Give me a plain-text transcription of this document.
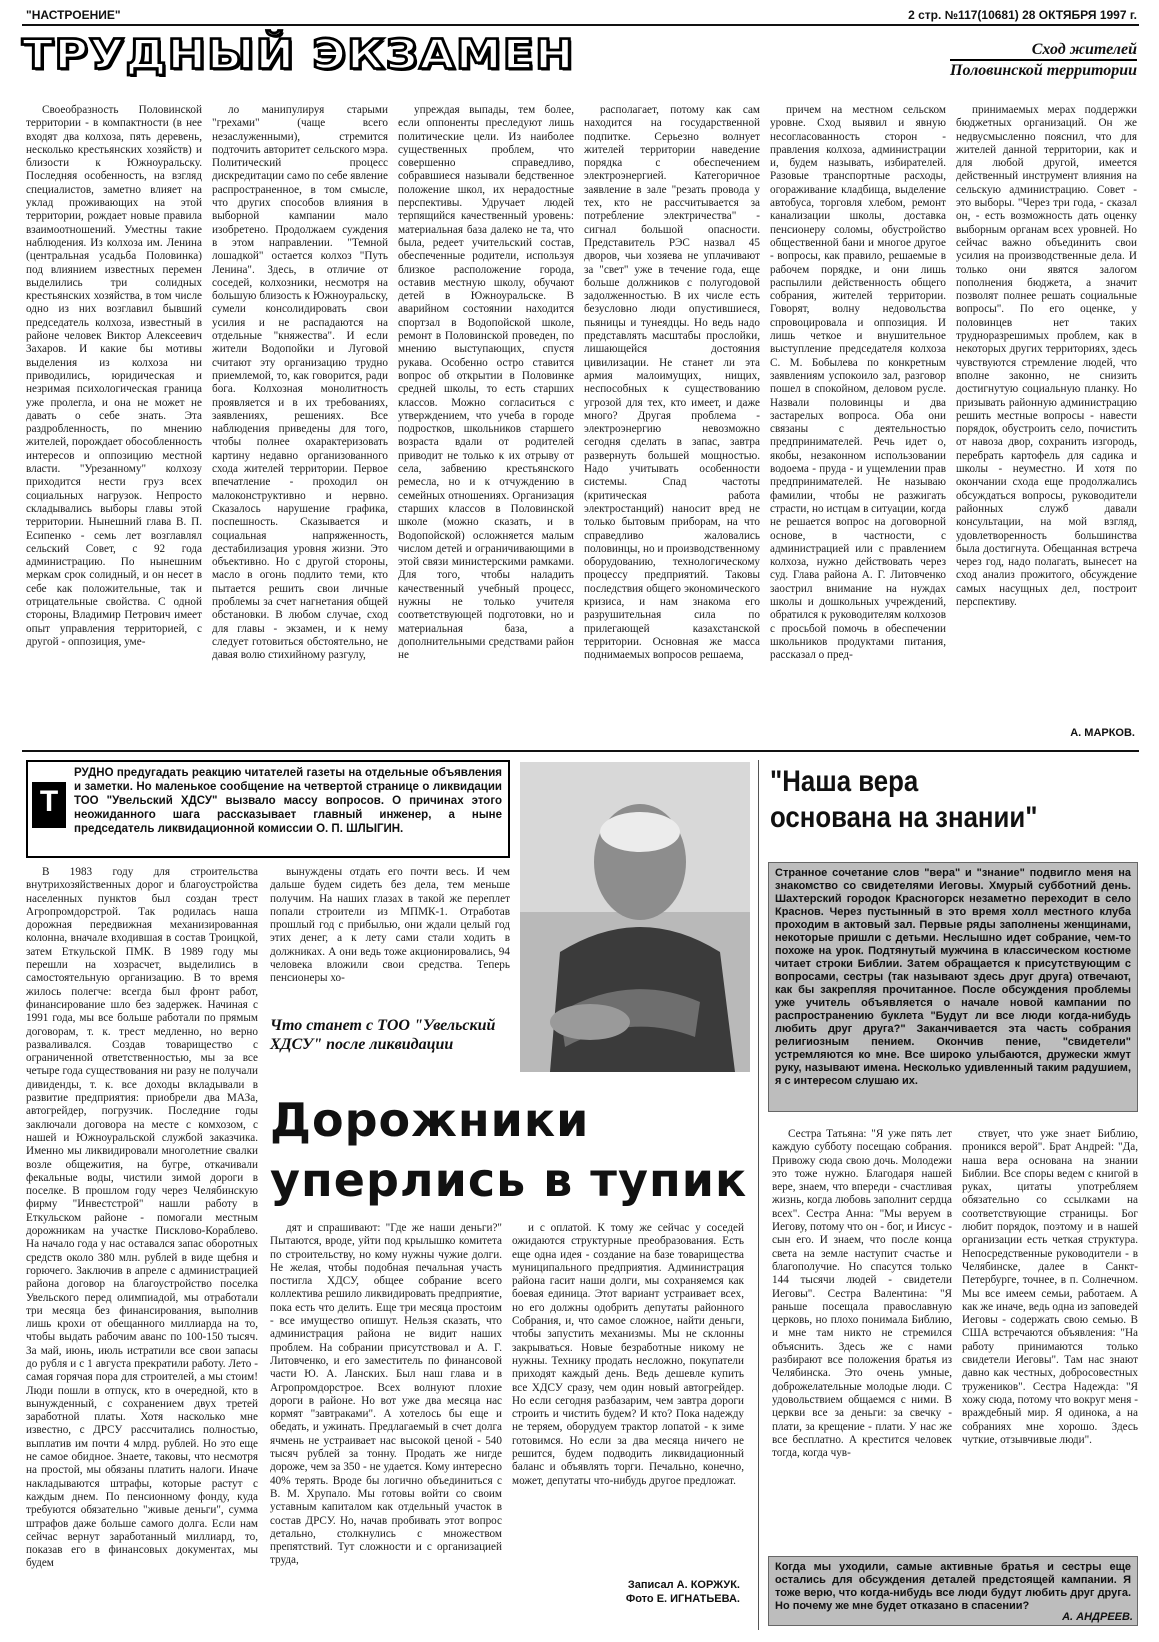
"НАСТРОЕНИЕ"	2 стр. №117(10681) 28 ОКТЯБРЯ 1997 г.
ТРУДНЫЙ ЭКЗАМЕН	Сход жителей
Половинской территории

Своеобразность Половинской территории - в компактности (в нее входят два колхоза, пять деревень, несколько крестьянских хозяйств) и близости к Южноуральску. Последняя особенность, на взгляд специалистов, заметно влияет на уклад проживающих на этой территории, рождает новые правила взаимоотношений. Уместны такие наблюдения. Из колхоза им. Ленина (центральная усадьба Половинка) под влиянием известных перемен выделились три солидных крестьянских хозяйства, в том числе одно из них возглавил бывший председатель колхоза, известный в районе человек Виктор Алексеевич Захаров. И какие бы мотивы выделения из колхоза ни приводились, юридическая и незримая психологическая граница уже пролегла, и она не может не давать о себе знать. Эта раздробленность, по мнению жителей, порождает обособленность интересов и оппозицию местной власти. "Урезанному" колхозу приходится нести груз всех социальных нагрузок. Непросто складывались выборы главы этой территории. Нынешний глава В. П. Есипенко - семь лет возглавлял сельский Совет, с 92 года администрацию. По нынешним меркам срок солидный, и он несет в себе как положительные, так и отрицательные свойства. С одной стороны, Владимир Петрович имеет опыт управления территорией, с другой - оппозиция, уме-

ло манипулируя старыми "грехами" (чаще всего незаслуженными), стремится подточить авторитет сельского мэра. Политический процесс дискредитации само по себе явление распространенное, в том смысле, что других способов влияния в выборной кампании мало изобретено. Продолжаем суждения в этом направлении. "Темной лошадкой" остается колхоз "Путь Ленина". Здесь, в отличие от соседей, колхозники, несмотря на большую близость к Южноуральску, сумели консолидировать свои усилия и не распадаются на отдельные "княжества". И если жители Водопойки и Луговой считают эту организацию трудно приемлемой, то, как говорится, ради бога. Колхозная монолитность проявляется и в их требованиях, заявлениях, решениях. Все наблюдения приведены для того, чтобы полнее охарактеризовать картину недавно организованного схода жителей территории. Первое впечатление - проходил он малоконструктивно и нервно. Сказалось нарушение графика, поспешность. Сказывается и социальная напряженность, дестабилизация уровня жизни. Это объективно. Но с другой стороны, масло в огонь подлито теми, кто пытается решить свои личные проблемы за счет нагнетания общей обстановки. В любом случае, сход для главы - экзамен, и к нему следует готовиться обстоятельно, не давая волю стихийному разгулу,

упреждая выпады, тем более, если оппоненты преследуют лишь политические цели. Из наиболее существенных проблем, что совершенно справедливо, собравшиеся называли бедственное положение школ, их нерадостные перспективы. Удручает людей терпящийся качественный уровень: материальная база далеко не та, что была, редеет учительский состав, обеспеченные родители, используя близкое расположение города, оставив местную школу, обучают детей в Южноуральске. В аварийном состоянии находится спортзал в Водопойской школе, ремонт в Половинской проведен, по мнению выступающих, спустя рукава. Особенно остро ставится вопрос об открытии в Половинке средней школы, то есть старших классов. Можно согласиться с утверждением, что учеба в городе подростков, школьников старшего возраста вдали от родителей приводит не только к их отрыву от села, забвению крестьянского ремесла, но и к отчуждению в семейных отношениях. Организация старших классов в Половинской школе (можно сказать, и в Водопойской) осложняется малым числом детей и ограничивающими в этой связи министерскими рамками. Для того, чтобы наладить качественный учебный процесс, нужны не только учителя соответствующей подготовки, но и материальная база, а дополнительными средствами район не

располагает, потому как сам находится на государственной подпитке. Серьезно волнует жителей территории наведение порядка с обеспечением электроэнергией. Категоричное заявление в зале "резать провода у тех, кто не рассчитывается за потребление электричества" - сигнал большой опасности. Представитель РЭС назвал 45 дворов, чьи хозяева не уплачивают за "свет" уже в течение года, еще больше должников с полугодовой задолженностью. В их числе есть безусловно люди опустившиеся, пьяницы и тунеядцы. Но ведь надо представлять масштабы прослойки, лишающейся достояния цивилизации. Не станет ли эта армия малоимущих, нищих, неспособных к существованию угрозой для тех, кто имеет, и даже много? Другая проблема - электроэнергию невозможно сегодня сделать в запас, завтра развернуть большей мощностью. Надо учитывать особенности системы. Спад частоты (критическая работа электростанций) наносит вред не только бытовым приборам, на что справедливо жаловались половинцы, но и производственному оборудованию, технологическому процессу предприятий. Таковы последствия общего экономического кризиса, и нам знакома его разрушительная сила по прилегающей казахстанской территории. Основная же масса поднимаемых вопросов решаема,

причем на местном сельском уровне. Сход выявил и явную несогласованность сторон - правления колхоза, администрации и, будем называть, избирателей. Разовые транспортные расходы, огораживание кладбища, выделение автобуса, торговля хлебом, ремонт канализации школы, доставка пенсионеру соломы, обустройство общественной бани и многое другое - вопросы, как правило, решаемые в рабочем порядке, и они лишь распылили действенность общего собрания, жителей территории. Говорят, волну недовольства спровоцировала и оппозиция. И лишь четкое и внушительное выступление председателя колхоза С. М. Бобылева по конкретным заявлениям успокоило зал, разговор пошел в спокойном, деловом русле. Назвали половинцы и два застарелых вопроса. Оба они связаны с деятельностью предпринимателей. Речь идет о, якобы, незаконном использовании водоема - пруда - и ущемлении прав предпринимателей. Не называю фамилии, чтобы не разжигать страсти, но истцам в ситуации, когда не решается вопрос на договорной основе, в частности, с администрацией или с правлением колхоза, нужно действовать через суд. Глава района А. Г. Литовченко заострил внимание на нуждах школы и дошкольных учреждений, обратился к руководителям колхозов с просьбой помочь в обеспечении школьников продуктами питания, рассказал о пред-

принимаемых мерах поддержки бюджетных организаций. Он же недвусмысленно пояснил, что для жителей данной территории, как и для любой другой, имеется действенный инструмент влияния на сельскую администрацию. Совет - это выборы. "Через три года, - сказал он, - есть возможность дать оценку выборным органам всех уровней. Но сейчас важно объединить свои усилия на производственные дела. И только они явятся залогом пополнения бюджета, а значит позволят полнее решать социальные вопросы". По его оценке, у половинцев нет таких трудноразрешимых проблем, как в некоторых других территориях, здесь чувствуются стремление людей, что вполне законно, не снизить достигнутую социальную планку. Но призывать районную администрацию решить местные вопросы - навести порядок, обустроить село, почистить от навоза двор, сохранить изгородь, перебрать картофель для садика и школы - неуместно. И хотя по окончании схода еще продолжались обсуждаться вопросы, руководители районных служб давали консультации, на мой взгляд, удовлетворенность большинства была достигнута. Обещанная встреча через год, надо полагать, вынесет на сход анализ прожитого, обсуждение самых насущных дел, построит перспективу.

А. МАРКОВ.
Т
РУДНО предугадать реакцию читателей газеты на отдельные объявления и заметки. Но маленькое сообщение на четвертой странице о ликвидации ТОО "Увельский ХДСУ" вызвало массу вопросов. О причинах этого неожиданного шага рассказывает главный инженер, а ныне председатель ликвидационной комиссии О. П. ШЛЫГИН.
Что станет с ТОО "Увельский ХДСУ" после ликвидации
Дорожники
уперлись в тупик

В 1983 году для строительства внутрихозяйственных дорог и благоустройства населенных пунктов был создан трест Агропромдорстрой. Так родилась наша дорожная передвижная механизированная колонна, вначале входившая в состав Троицкой, затем Еткульской ПМК. В 1989 году мы перешли на хозрасчет, выделились в самостоятельную организацию. В то время жилось полегче: всегда был фронт работ, финансирование шло без задержек. Начиная с 1991 года, мы все больше работали по прямым договорам, т. к. трест медленно, но верно разваливался. Создав товарищество с ограниченной ответственностью, мы за все четыре года существования ни разу не получали дивиденды, т. к. все доходы вкладывали в развитие предприятия: приобрели два МАЗа, автогрейдер, погрузчик. Последние годы заключали договора на месте с комхозом, с нашей и Южноуральской службой заказчика. Именно мы ликвидировали многолетние свалки возле общежития, на бугре, откачивали фекальные воды, чистили зимой дороги в поселке. В прошлом году через Челябинскую фирму "Инвестстрой" нашли работу в Еткульском районе - помогали местным дорожникам на участке Писклово-Кораблево. На начало года у нас оставался запас оборотных средств около 380 млн. рублей в виде щебня и горючего. Заключив в апреле с администрацией района договор на благоустройство поселка Увельского перед олимпиадой, мы отработали три месяца без финансирования, выполнив лишь крохи от обещанного миллиарда на то, чтобы выдать рабочим аванс по 100-150 тысяч. За май, июнь, июль истратили все свои запасы до рубля и с 1 августа прекратили работу. Лето - самая горячая пора для строителей, а мы стоим! Люди пошли в отпуск, кто в очередной, кто в вынужденный, с сохранением двух третей заработной платы. Хотя насколько мне известно, с ДРСУ рассчитались полностью, выплатив им почти 4 млрд. рублей. Но это еще не самое обидное. Знаете, таковы, что несмотря на простой, мы обязаны платить налоги. Иначе накладываются штрафы, которые растут с каждым днем. По пенсионному фонду, куда требуются обязательно "живые деньги", сумма штрафов даже больше самого долга. Если нам сейчас вернут заработанный миллиард, то, показав его в финансовых документах, мы будем

вынуждены отдать его почти весь. И чем дальше будем сидеть без дела, тем меньше получим. На наших глазах в такой же переплет попали строители из МПМК-1. Отработав прошлый год с прибылью, они ждали целый год этих денег, а к лету сами стали ходить в должниках. А они ведь тоже акционировались, 94 человека вложили свои средства. Теперь пенсионеры хо-

дят и спрашивают: "Где же наши деньги?" Пытаются, вроде, уйти под крылышко комитета по строительству, но кому нужны чужие долги. Не желая, чтобы подобная печальная участь постигла ХДСУ, общее собрание всего коллектива решило ликвидировать предприятие, пока есть что делить. Еще три месяца простоим - все имущество опишут. Нельзя сказать, что администрация района не видит наших проблем. На собрании присутствовал и А. Г. Литовченко, и его заместитель по финансовой части Ю. А. Ланских. Был наш глава и в Агропромдорстрое. Всех волнуют плохие дороги в районе. Но вот уже два месяца нас кормят "завтраками". А хотелось бы еще и обедать, и ужинать. Предлагаемый в счет долга ячмень не устраивает нас высокой ценой - 540 тысяч рублей за тонну. Продать же нигде дороже, чем за 350 - не удается. Кому интересно 40% терять. Вроде бы логично объединиться с В. М. Хрупало. Мы готовы войти со своим уставным капиталом как отдельный участок в состав ДРСУ. Но, начав пробивать этот вопрос детально, столкнулись с множеством препятствий. Тут сложности и с организацией труда,

и с оплатой. К тому же сейчас у соседей ожидаются структурные преобразования. Есть еще одна идея - создание на базе товарищества муниципального предприятия. Администрация района гасит наши долги, мы сохраняемся как боевая единица. Этот вариант устраивает всех, но его должны одобрить депутаты районного Собрания, и, что самое сложное, найти деньги, чтобы запустить механизмы. Мы не склонны закрываться. Новые безработные никому не нужны. Технику продать несложно, покупатели приходят каждый день. Ведь дешевле купить все ХДСУ сразу, чем один новый автогрейдер. Но если сегодня разбазарим, чем завтра дороги строить и чистить будем? И кто? Пока надежду не теряем, оборудуем трактор лопатой - к зиме готовимся. Но если за два месяца ничего не решится, будем подводить ликвидационный баланс и объявлять торги. Печально, конечно, может, депутаты что-нибудь другое предложат.

Записал А. КОРЖУК.
Фото Е. ИГНАТЬЕВА.
"Наша вера
основана на знании"
Странное сочетание слов "вера" и "знание" подвигло меня на знакомство со свидетелями Иеговы. Хмурый субботний день. Шахтерский городок Красногорск незаметно переходит в село Краснов. Через пустынный в это время холл местного клуба проходим в актовый зал. Первые ряды заполнены женщинами, некоторые пришли с детьми. Неслышно идет собрание, чем-то похоже на урок. Подтянутый мужчина в классическом костюме читает строки Библии. Затем обращается к присутствующим с вопросами, сестры (так называют здесь друг друга) отвечают, как бы закрепляя прочитанное. После обсуждения проблемы уже учитель объявляется о начале новой кампании по распространению буклета "Будут ли все люди когда-нибудь любить друг друга?" Заканчивается эта часть собрания религиозным пением. Окончив пение, "свидетели" устремляются ко мне. Все широко улыбаются, дружески жмут руку, называют имена. Несколько удивленный таким радушием, я с интересом слушаю их.

Сестра Татьяна: "Я уже пять лет каждую субботу посещаю собрания. Привожу сюда свою дочь. Молодежи это тоже нужно. Благодаря нашей вере, знаем, что впереди - счастливая жизнь, когда любовь заполнит сердца всех". Сестра Анна: "Мы веруем в Иегову, потому что он - бог, и Иисус - сын его. И знаем, что после конца света на земле наступит счастье и благополучие. Но спасутся только 144 тысячи людей - свидетели Иеговы". Сестра Валентина: "Я раньше посещала православную церковь, но плохо понимала Библию, и мне там никто не стремился объяснить. Здесь же с нами разбирают все положения братья из Челябинска. Это очень умные, доброжелательные молодые люди. С удовольствием общаемся с ними. В церкви все за деньги: за свечку - плати, за крещение - плати. У нас же все бесплатно. А крестится человек тогда, когда чув-

ствует, что уже знает Библию, проникся верой". Брат Андрей: "Да, наша вера основана на знании Библии. Все споры ведем с книгой в руках, цитаты употребляем обязательно со ссылками на соответствующие страницы. Бог любит порядок, поэтому и в нашей организации есть четкая структура. Непосредственные руководители - в Челябинске, далее в Санкт-Петербурге, точнее, в п. Солнечном. Мы все имеем семьи, работаем. А как же иначе, ведь одна из заповедей Иеговы - содержать свою семью. В США встречаются объявления: "На работу принимаются только свидетели Иеговы". Там нас знают давно как честных, добросовестных тружеников". Сестра Надежда: "Я хожу сюда, потому что вокруг меня - враждебный мир. Я одинока, а на собраниях мне хорошо. Здесь чуткие, отзывчивые люди".

Когда мы уходили, самые активные братья и сестры еще остались для обсуждения деталей предстоящей кампании. Я тоже верю, что когда-нибудь все люди будут любить друг друга. Но почему же мне будет отказано в спасении?
А. АНДРЕЕВ.
